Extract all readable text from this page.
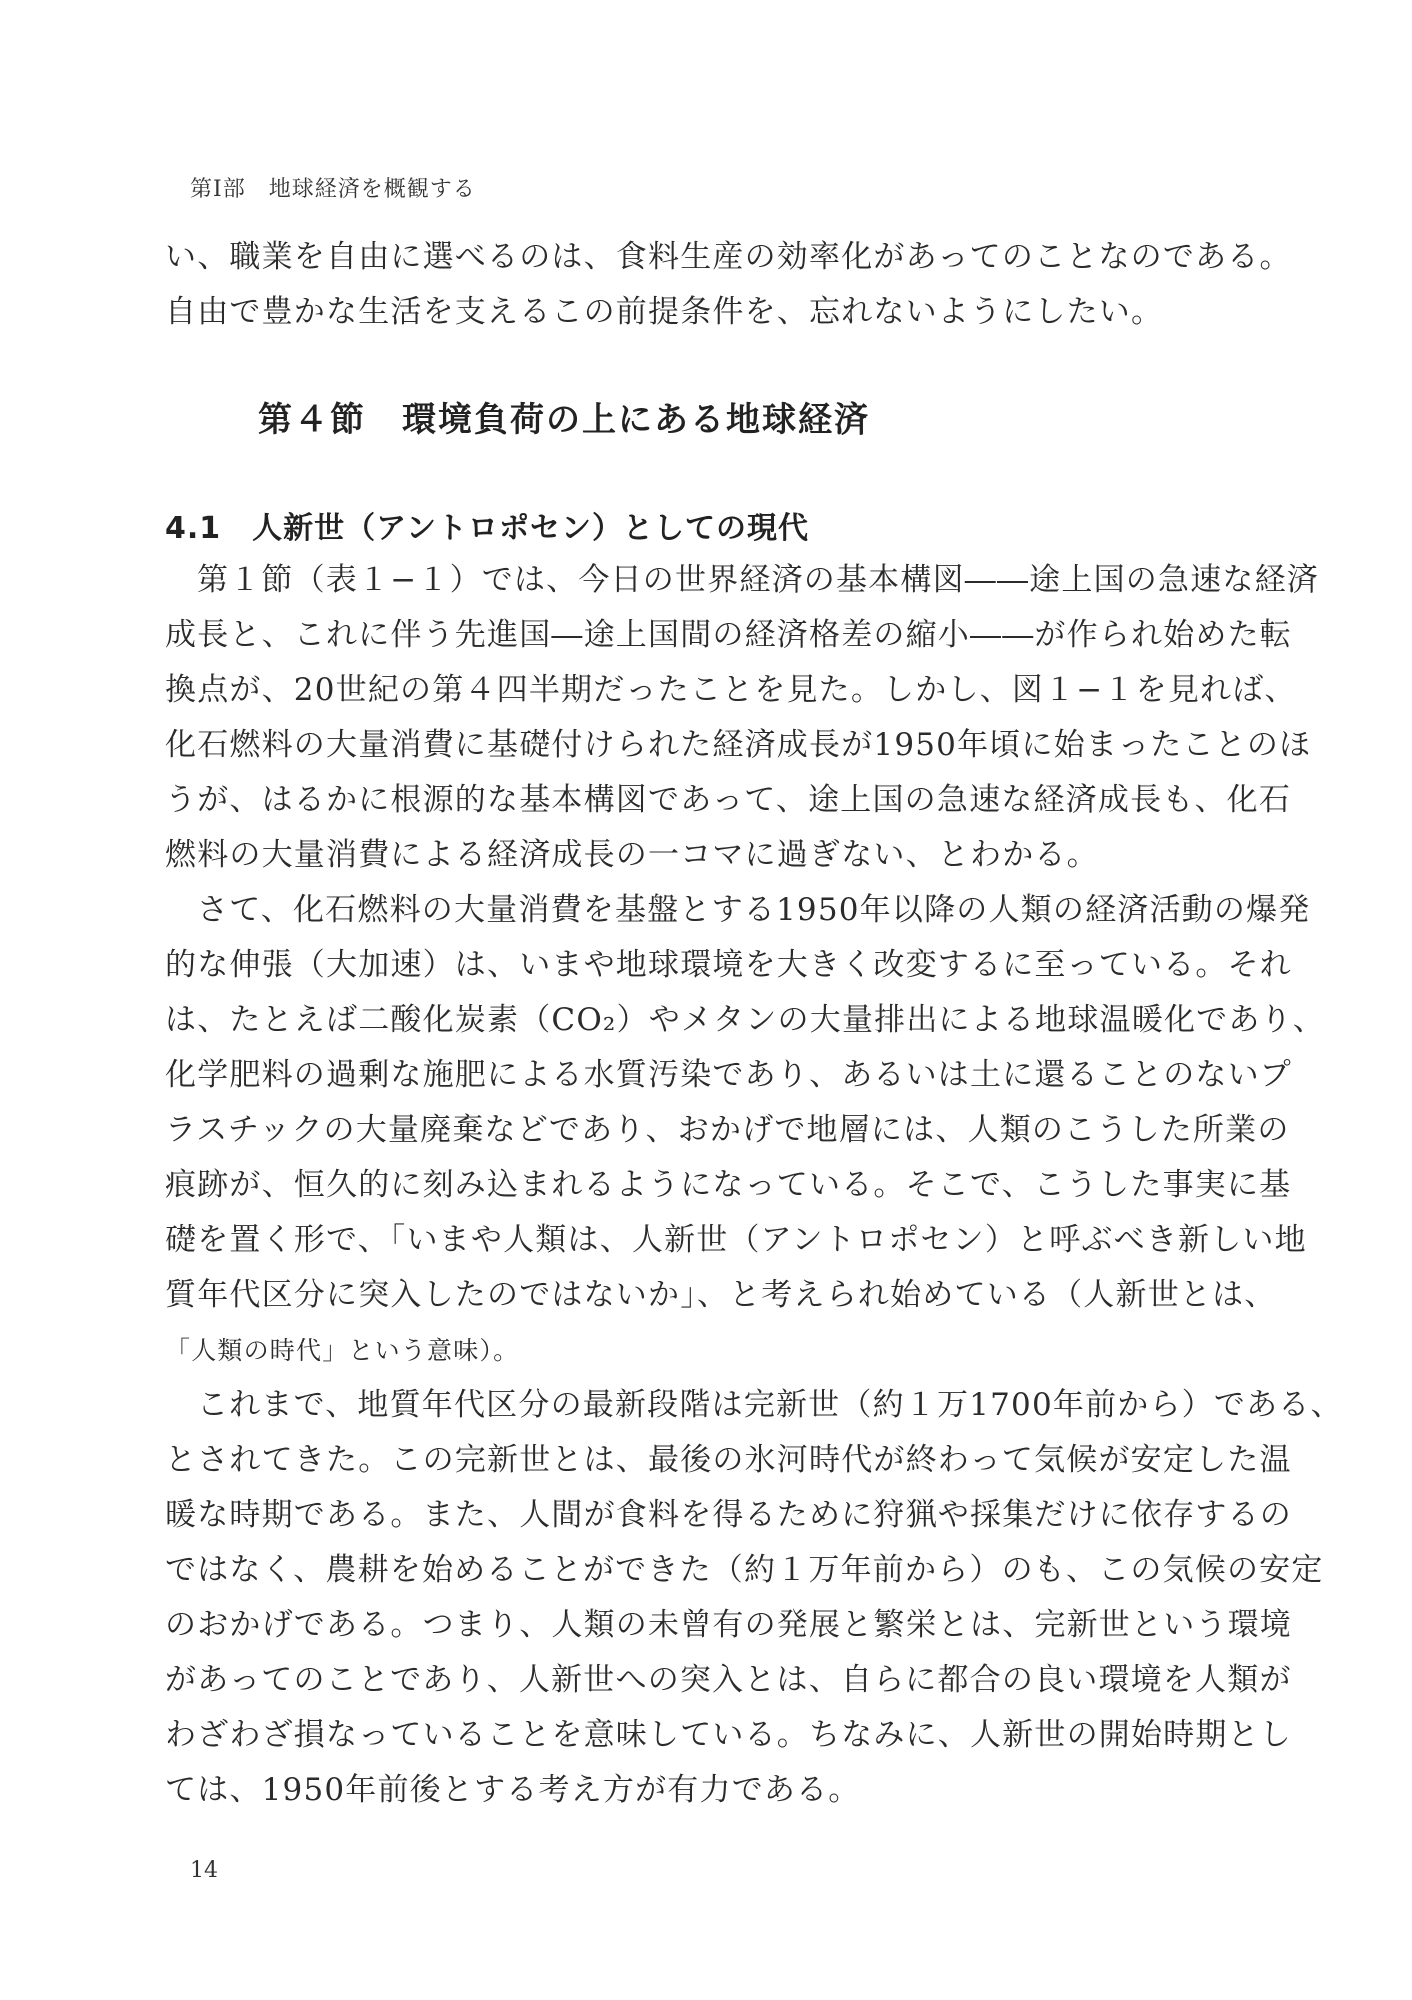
第Ⅰ部　地球経済を概観する
い、職業を自由に選べるのは、食料生産の効率化があってのことなのである。
自由で豊かな生活を支えるこの前提条件を、忘れないようにしたい。
第４節　環境負荷の上にある地球経済
4.1　人新世（アントロポセン）としての現代
第１節（表１−１）では、今日の世界経済の基本構図――途上国の急速な経済
成長と、これに伴う先進国―途上国間の経済格差の縮小――が作られ始めた転
換点が、20世紀の第４四半期だったことを見た。しかし、図１−１を見れば、
化石燃料の大量消費に基礎付けられた経済成長が1950年頃に始まったことのほ
うが、はるかに根源的な基本構図であって、途上国の急速な経済成長も、化石
燃料の大量消費による経済成長の一コマに過ぎない、とわかる。
さて、化石燃料の大量消費を基盤とする1950年以降の人類の経済活動の爆発
的な伸張（大加速）は、いまや地球環境を大きく改変するに至っている。それ
は、たとえば二酸化炭素（CO₂）やメタンの大量排出による地球温暖化であり、
化学肥料の過剰な施肥による水質汚染であり、あるいは土に還ることのないプ
ラスチックの大量廃棄などであり、おかげで地層には、人類のこうした所業の
痕跡が、恒久的に刻み込まれるようになっている。そこで、こうした事実に基
礎を置く形で、「いまや人類は、人新世（アントロポセン）と呼ぶべき新しい地
質年代区分に突入したのではないか」、と考えられ始めている（人新世とは、
「人類の時代」という意味）。
これまで、地質年代区分の最新段階は完新世（約１万1700年前から）である、
とされてきた。この完新世とは、最後の氷河時代が終わって気候が安定した温
暖な時期である。また、人間が食料を得るために狩猟や採集だけに依存するの
ではなく、農耕を始めることができた（約１万年前から）のも、この気候の安定
のおかげである。つまり、人類の未曾有の発展と繁栄とは、完新世という環境
があってのことであり、人新世への突入とは、自らに都合の良い環境を人類が
わざわざ損なっていることを意味している。ちなみに、人新世の開始時期とし
ては、1950年前後とする考え方が有力である。
14
